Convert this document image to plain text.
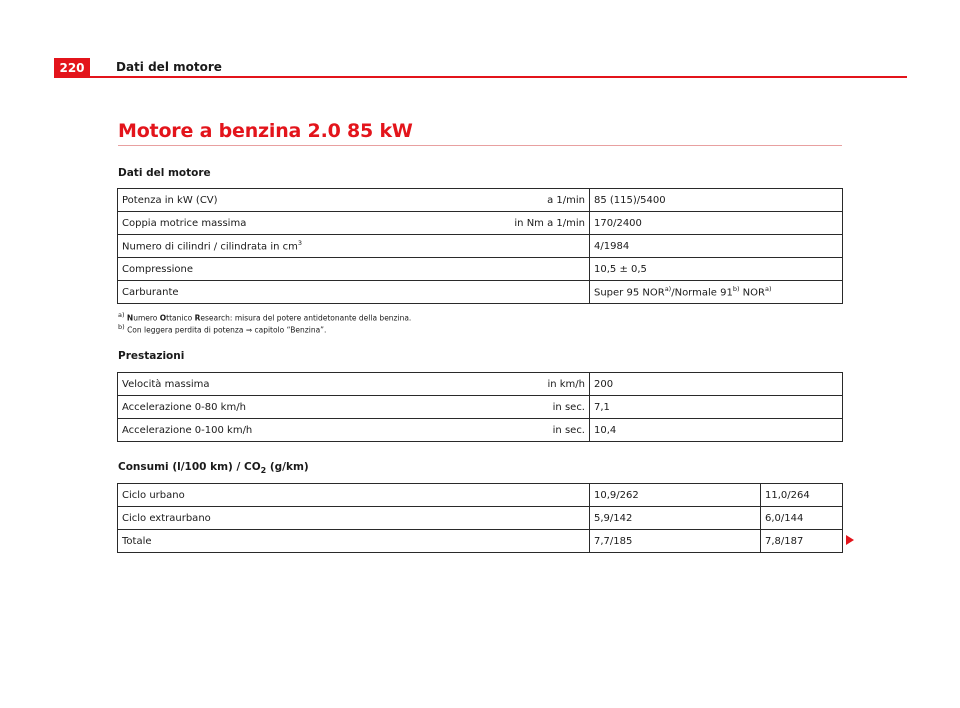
220	Dati del motore
Motore a benzina 2.0 85 kW
Dati del motore
Potenza in kW (CV) a 1/min	85 (115)/5400

Coppia motrice massima in Nm a 1/min	170/2400

Numero di cilindri / cilindrata in $cm^3$	4/1984

Compressione	10,5 ± 0,5

Carburante	Super 95 NOR$^{a)}$/Normale 91$^{b)}$ NOR$^{a)}$
$^{a)}$ Numero Ottanico Research: misura del potere antidetonante della benzina.
$^{b)}$ Con leggera perdita di potenza ⇒ capitolo “Benzina”.
Prestazioni
Velocità massima in km/h	200

Accelerazione 0-80 km/h in sec.	7,1

Accelerazione 0-100 km/h in sec.	10,4
Consumi (l/100 $km) / CO_2$ (g/km)
Ciclo urbano	10,9/262	11,0/264
Ciclo extraurbano	5,9/142	6,0/144
Totale	7,7/185	7,8/187
